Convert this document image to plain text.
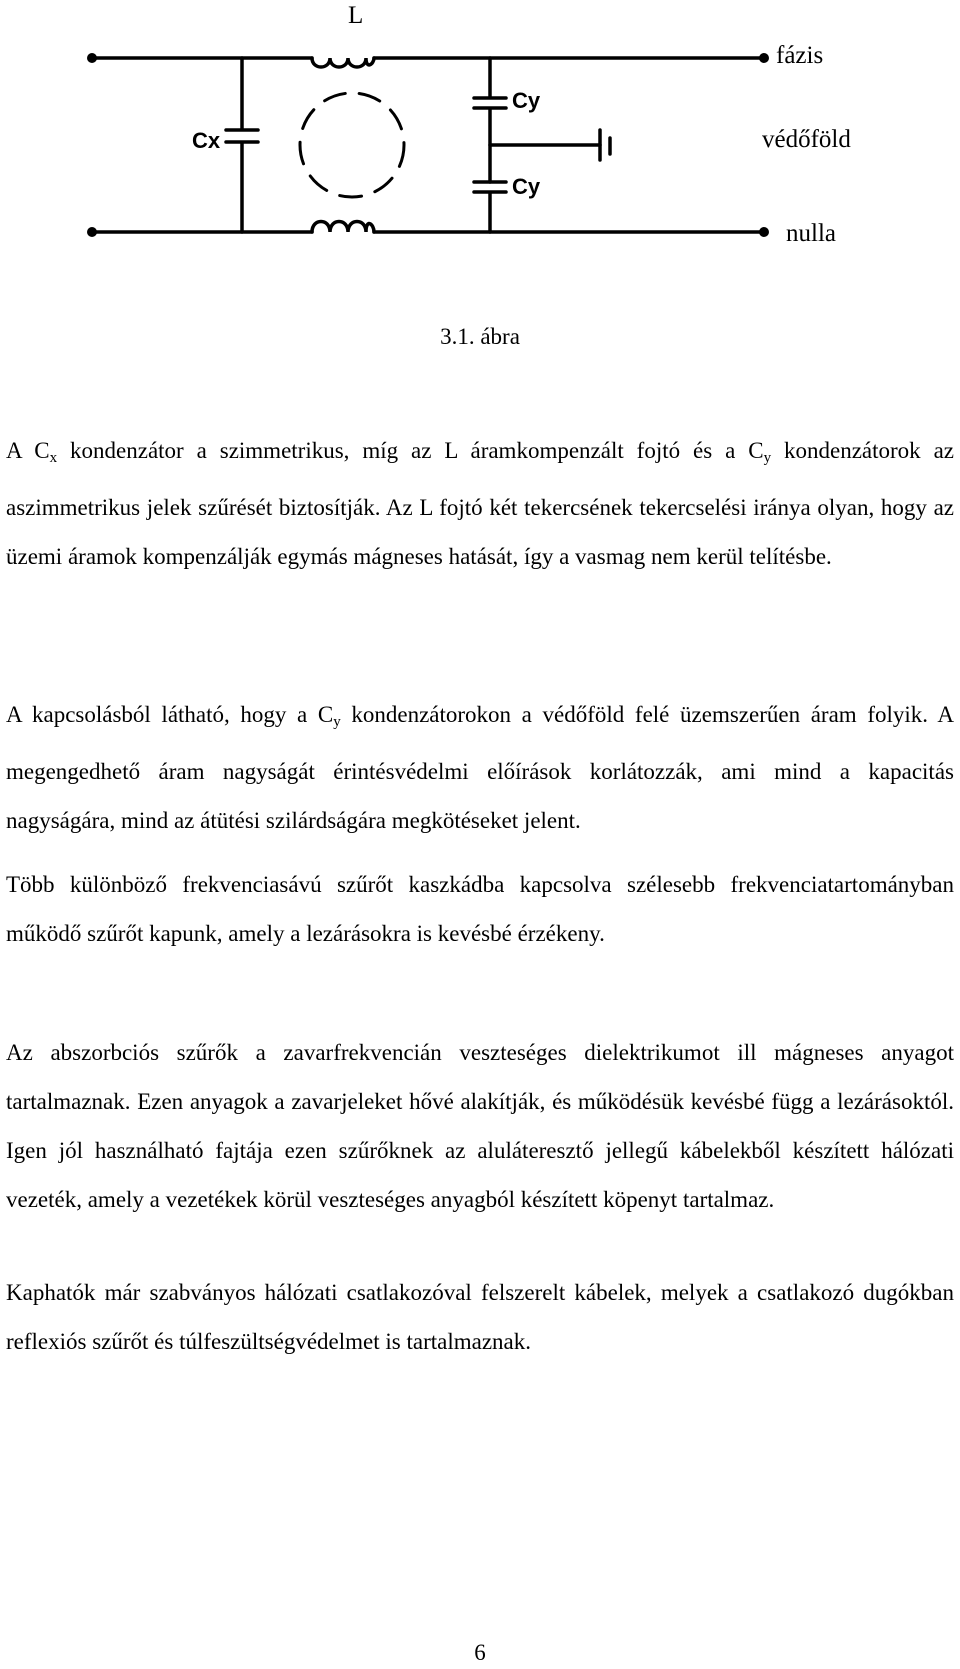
L
Cx
Cy
Cy
fázis
védőföld
nulla
3.1. ábra

A $C_x$ kondenzátor a szimmetrikus, míg az L áramkompenzált fojtó és a $C_y$ kondenzátorok az aszimmetrikus jelek szűrését biztosítják. Az L fojtó két tekercsének tekercselési iránya olyan, hogy az üzemi áramok kompenzálják egymás mágneses hatását, így a vasmag nem kerül telítésbe.

A kapcsolásból látható, hogy a $C_y$ kondenzátorokon a védőföld felé üzemszerűen áram folyik. A megengedhető áram nagyságát érintésvédelmi előírások korlátozzák, ami mind a kapacitás nagyságára, mind az átütési szilárdságára megkötéseket jelent.

Több különböző frekvenciasávú szűrőt kaszkádba kapcsolva szélesebb frekvenciatartományban működő szűrőt kapunk, amely a lezárásokra is kevésbé érzékeny.

Az abszorbciós szűrők a zavarfrekvencián veszteséges dielektrikumot ill mágneses anyagot tartalmaznak. Ezen anyagok a zavarjeleket hővé alakítják, és működésük kevésbé függ a lezárásoktól. Igen jól használható fajtája ezen szűrőknek az aluláteresztő jellegű kábelekből készített hálózati vezeték, amely a vezetékek körül veszteséges anyagból készített köpenyt tartalmaz.

Kaphatók már szabványos hálózati csatlakozóval felszerelt kábelek, melyek a csatlakozó dugókban reflexiós szűrőt és túlfeszültségvédelmet is tartalmaznak.

6
